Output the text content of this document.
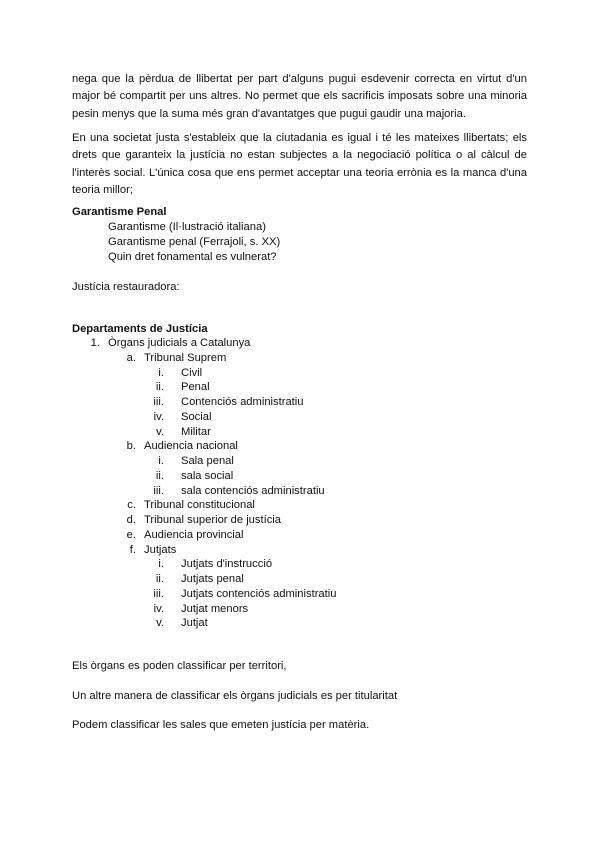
nega que la pèrdua de llibertat per part d'alguns pugui esdevenir correcta en virtut d'un major bé compartit per uns altres. No permet que els sacrificis imposats sobre una minoria pesin menys que la suma més gran d'avantatges que pugui gaudir una majoria.

En una societat justa s'estableix que la ciutadania es igual i té les mateixes llibertats; els drets que garanteix la justícia no estan subjectes a la negociació política o al càlcul de l'interès social. L'única cosa que ens permet acceptar una teoria errònia es la manca d'una teoria millor;

Garantisme Penal
Garantisme (Il·lustració italiana)
Garantisme penal (Ferrajoli, s. XX)
Quin dret fonamental es vulnerat?
Justícia restauradora:
Departaments de Justícia
Els òrgans es poden classificar per territori,
Un altre manera de classificar els òrgans judicials es per titularitat
Podem classificar les sales que emeten justícia per matèria.
1. Òrgans judicials a Catalunya
a. Tribunal Suprem
i. Civil
ii. Penal
iii. Contenciós administratiu
iv. Social
v. Militar
b. Audiencia nacional
i. Sala penal
ii. sala social
iii. sala contenciós administratiu
c. Tribunal constitucional
d. Tribunal superior de justícia
e. Audiencia provincial
f. Jutjats
i. Jutjats d'instrucció
ii. Jutjats penal
iii. Jutjats contenciós administratiu
iv. Jutjat menors
v. Jutjat
